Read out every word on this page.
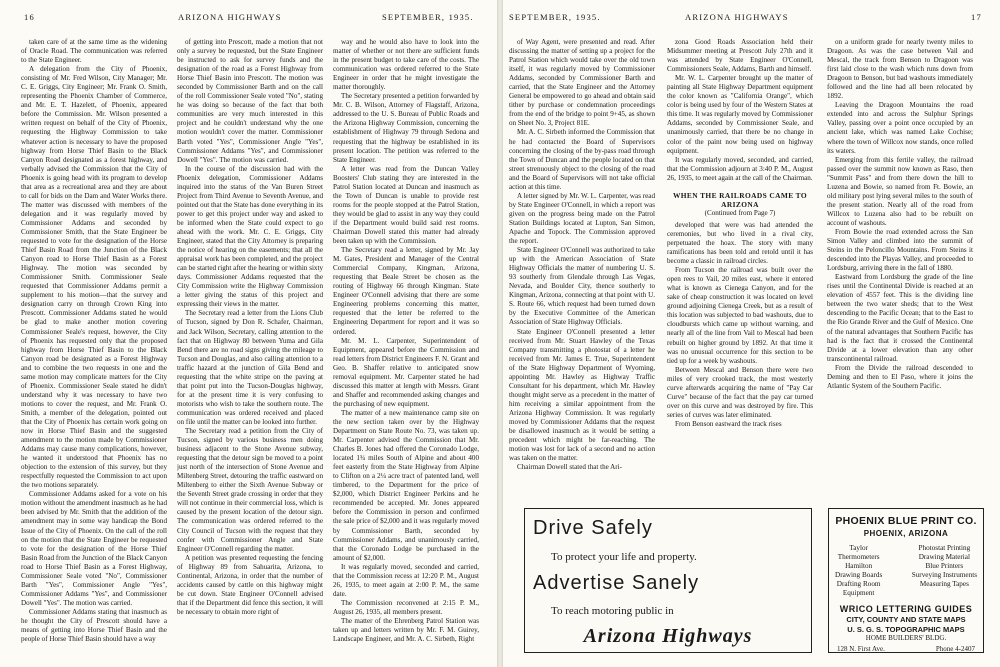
16	ARIZONA HIGHWAYS	SEPTEMBER, 1935.

taken care of at the same time as the widening of Oracle Road. The communication was referred to the State Engineer.

A delegation from the City of Phoenix, consisting of Mr. Fred Wilson, City Manager; Mr. C. E. Griggs, City Engineer; Mr. Frank O. Smith, representing the Phoenix Chamber of Commerce, and Mr. E. T. Hazelett, of Phoenix, appeared before the Commission. Mr. Wilson presented a written request on behalf of the City of Phoenix, requesting the Highway Commission to take whatever action is necessary to have the proposed highway from Horse Thief Basin to the Black Canyon Road designated as a forest highway, and verbally advised the Commission that the City of Phoenix is going head with its program to develop that area as a recreational area and they are about to call for bids on the Dam and Water Works there. The matter was discussed with members of the delegation and it was regularly moved by Commissioner Addams and seconded by Commissioner Smith, that the State Engineer be requested to vote for the designation of the Horse Thief Basin Road from the Junction of the Black Canyon road to Horse Thief Basin as a Forest Highway. The motion was seconded by Commissioner Smith. Commissioner Seale requested that Commissioner Addams permit a supplement to his motion—that the survey and designation carry on through Crown King into Prescott. Commissioner Addams stated he would be glad to make another motion covering Commissioner Seale's request, however, the City of Phoenix has requested only that the proposed highway from Horse Thief Basin to the Black Canyon road be designated as a Forest Highway and to combine the two requests in one and the same motion may complicate matters for the City of Phoenix. Commissioner Seale stated he didn't understand why it was necessary to have two motions to cover the request, and Mr. Frank O. Smith, a member of the delegation, pointed out that the City of Phoenix has certain work going on now in Horse Thief Basin and the suggested amendment to the motion made by Commissioner Addams may cause many complications, however, he wanted it understood that Phoenix has no objection to the extension of this survey, but they respectfully requested the Commission to act upon the two motions separately.

Commissioner Addams asked for a vote on his motion without the amendment inasmuch as he had been advised by Mr. Smith that the addition of the amendment may in some way handicap the Bond Issue of the City of Phoenix. On the call of the roll on the motion that the State Engineer be requested to vote for the designation of the Horse Thief Basin Road from the Junction of the Black Canyon road to Horse Thief Basin as a Forest Highway, Commissioner Seale voted "No", Commissioner Barth "Yes", Commissioner Angle "Yes", Commissioner Addams "Yes", and Commissioner Dowell "Yes". The motion was carried.

Commissioner Addams stating that inasmuch as he thought the City of Prescott should have a means of getting into Horse Thief Basin and the people of Horse Thief Basin should have a way

of getting into Prescott, made a motion that not only a survey be requested, but the State Engineer be instructed to ask for survey funds and the designation of the road as a Forest Highway from Horse Thief Basin into Prescott. The motion was seconded by Commissioner Barth and on the call of the roll Commissioner Seale voted "No", stating he was doing so because of the fact that both communities are very much interested in this project and he couldn't understand why the one motion wouldn't cover the matter. Commissioner Barth voted "Yes", Commissioner Angle "Yes", Commissioner Addams "Yes", and Commissioner Dowell "Yes". The motion was carried.

In the course of the discussion had with the Phoenix delegation, Commissioner Addams inquired into the status of the Van Buren Street Project from Third Avenue to Seventh Avenue, and pointed out that the State has done everything in its power to get this project under way and asked to be informed when the State could expect to go ahead with the work. Mr. C. E. Griggs, City Engineer, stated that the City Attorney is preparing the notice of hearing on the easements; that all the appraisal work has been completed, and the project can be started right after the hearing or within sixty days. Commissioner Addams requested that the City Commission write the Highway Commission a letter giving the status of this project and expressing their views in the matter.

The Secretary read a letter from the Lions Club of Tucson, signed by Don R. Schafer, Chairman, and Jack Wilson, Secretary, calling attention to the fact that on Highway 80 between Yuma and Gila Bend there are no road signs giving the mileage to Tucson and Douglas, and also calling attention to a traffic hazard at the junction of Gila Bend and requesting that the white stripe on the paving at that point put into the Tucson-Douglas highway, for at the present time it is very confusing to motorists who wish to take the southern route. The communication was ordered received and placed on file until the matter can be looked into further.

The Secretary read a petition from the City of Tucson, signed by various business men doing business adjacent to the Stone Avenue subway, requesting that the detour sign be moved to a point just north of the intersection of Stone Avenue and Miltenberg Street, detouring the traffic eastward on Miltenberg to either the Sixth Avenue Subway or the Seventh Street grade crossing in order that they will not continue in their commercial loss, which is caused by the present location of the detour sign. The communication was ordered referred to the City Council of Tucson with the request that they confer with Commissioner Angle and State Engineer O'Connell regarding the matter.

A petition was presented requesting the fencing of Highway 89 from Sahuarita, Arizona, to Continental, Arizona, in order that the number of accidents caused by cattle on this highway might be cut down. State Engineer O'Connell advised that if the Department did fence this section, it will be necessary to obtain more right of

way and he would also have to look into the matter of whether or not there are sufficient funds in the present budget to take care of the costs. The communication was ordered referred to the State Engineer in order that he might investigate the matter thoroughly.

The Secretary presented a petition forwarded by Mr. C. B. Wilson, Attorney of Flagstaff, Arizona, addressed to the U. S. Bureau of Public Roads and the Arizona Highway Commission, concerning the establishment of Highway 79 through Sedona and requesting that the highway be established in its present location. The petition was referred to the State Engineer.

A letter was read from the Duncan Valley Boosters' Club stating they are interested in the Patrol Station located at Duncan and inasmuch as the Town of Duncan is unable to provide rest rooms for the people stopped at the Patrol Station, they would be glad to assist in any way they could if the Department would build said rest rooms. Chairman Dowell stated this matter had already been taken up with the Commission.

The Secretary read a letter, signed by Mr. Jay M. Gates, President and Manager of the Central Commercial Company, Kingman, Arizona, requesting that Beale Street be chosen as the routing of Highway 66 through Kingman. State Engineer O'Connell advising that there are some Engineering problems concerning this matter, requested that the letter be referred to the Engineering Department for report and it was so ordered.

Mr. M. L. Carpenter, Superintendent of Equipment, appeared before the Commission and read letters from District Engineers F. N. Grant and Geo. B. Shaffer relative to anticipated snow removal equipment. Mr. Carpenter stated he had discussed this matter at length with Messrs. Grant and Shaffer and recommended asking changes and the purchasing of new equipment.

The matter of a new maintenance camp site on the new section taken over by the Highway Department on State Route No. 73, was taken up. Mr. Carpenter advised the Commission that Mr. Charles B. Jones had offered the Coronado Lodge, located 1¾ miles South of Alpine and about 400 feet easterly from the State Highway from Alpine to Clifton on a 2¼ acre tract of patented land, well timbered, to the Department for the price of $2,000, which District Engineer Perkins and he recommended be accepted. Mr. Jones appeared before the Commission in person and confirmed the sale price of $2,000 and it was regularly moved by Commissioner Barth, seconded by Commissioner Addams, and unanimously carried, that the Coronado Lodge be purchased in the amount of $2,000.

It was regularly moved, seconded and carried, that the Commission recess at 12:20 P. M., August 26, 1935, to meet again at 2:00 P. M., the same date.

The Commission reconvened at 2:15 P. M., August 26, 1935, all members present.

The matter of the Ehrenberg Patrol Station was taken up and letters written by Mr. F. M. Guirey, Landscape Engineer, and Mr. A. C. Sirbeth, Right

SEPTEMBER, 1935.	ARIZONA HIGHWAYS	17

of Way Agent, were presented and read. After discussing the matter of setting up a project for the Patrol Station which would take over the old town itself, it was regularly moved by Commissioner Addams, seconded by Commissioner Barth and carried, that the State Engineer and the Attorney General be empowered to go ahead and obtain said tither by purchase or condemnation proceedings from the end of the bridge to point 9+45, as shown on Sheet No. 3, Project 81E.

Mr. A. C. Sirbeth informed the Commission that he had contacted the Board of Supervisors concerning the closing of the by-pass road through the Town of Duncan and the people located on that street strenuously object to the closing of the road and the Board of Supervisors will not take official action at this time.

A letter signed by Mr. W. L. Carpenter, was read by State Engineer O'Connell, in which a report was given on the progress being made on the Patrol Station Buildings located at Lupton, San Simon, Apache and Topock. The Commission approved the report.

State Engineer O'Connell was authorized to take up with the American Association of State Highway Officials the matter of numbering U. S. 93 southerly from Glendale through Las Vegas, Nevada, and Boulder City, thence southerly to Kingman, Arizona, connecting at that point with U. S. Route 66, which request had been turned down by the Executive Committee of the American Association of State Highway Officials.

State Engineer O'Connell presented a letter received from Mr. Stuart Hawley of the Texas Company transmitting a photostat of a letter he received from Mr. James E. True, Superintendent of the State Highway Department of Wyoming, appointing Mr. Hawley as Highway Traffic Consultant for his department, which Mr. Hawley thought might serve as a precedent in the matter of him receiving a similar appointment from the Arizona Highway Commission. It was regularly moved by Commissioner Addams that the request be disallowed inasmuch as it would be setting a precedent which might be far-reaching. The motion was lost for lack of a second and no action was taken on the matter.

Chairman Dowell stated that the Ari-

zona Good Roads Association held their Midsummer meeting at Prescott July 27th and it was attended by State Engineer O'Connell, Commissioners Seale, Addams, Barth and himself.

Mr. W. L. Carpenter brought up the matter of painting all State Highway Department equipment the color known as "California Orange", which color is being used by four of the Western States at this time. It was regularly moved by Commissioner Addams, seconded by Commissioner Seale, and unanimously carried, that there be no change in color of the paint now being used on highway equipment.

It was regularly moved, seconded, and carried, that the Commission adjourn at 3:40 P. M., August 26, 1935, to meet again at the call of the Chairman.

WHEN THE RAILROADS CAME TO ARIZONA

(Continued from Page 7)

developed that were was had attended the ceremonies, but who lived in a rival city, perpetuated the hoax. The story with many ramifications has been told and retold until it has become a classic in railroad circles.

From Tucson the railroad was built over the open rees to Vail, 20 miles east, where it entered what is known as Cienega Canyon, and for the sake of cheap construction it was located on level ground adjoining Cienega Creek, but as a result of this location was subjected to bad washouts, due to cloudbursts which came up without warning, and nearly all of the line from Vail to Mescal had been rebuilt on higher ground by 1892. At that time it was no unusual occurrence for this section to be tied up for a week by washouts.

Between Mescal and Benson there were two miles of very crooked track, the most westerly curve afterwards acquiring the name of "Pay Car Curve" because of the fact that the pay car turned over on this curve and was destroyed by fire. This series of curves was later eliminated.

From Benson eastward the track rises

on a uniform grade for nearly twenty miles to Dragoon. As was the case between Vail and Mescal, the track from Benson to Dragoon was first laid close to the wash which runs down from Dragoon to Benson, but bad washouts immediately followed and the line had all been relocated by 1892.

Leaving the Dragoon Mountains the road extended into and across the Sulphur Springs Valley, passing over a point once occupied by an ancient lake, which was named Lake Cochise; where the town of Willcox now stands, once rolled its waters.

Emerging from this fertile valley, the railroad passed over the summit now known as Raso, then "Summit Pass" and from there down the hill to Luzena and Bowie, so named from Ft. Bowie, an old military post lying several miles to the south of the present station. Nearly all of the road from Willcox to Luzena also had to be rebuilt on account of washouts.

From Bowie the road extended across the San Simon Valley and climbed into the summit of Steins in the Peloncillo Mountains. From Steins it descended into the Playas Valley, and proceeded to Lordsburg, arriving there in the fall of 1880.

Eastward from Lordsburg the grade of the line rises until the Continental Divide is reached at an elevation of 4557 feet. This is the dividing line between the two water sheds; that to the West descending to the Pacific Ocean; that to the East to the Rio Grande River and the Gulf of Mexico. One of the natural advantages that Southern Pacific has had is the fact that it crossed the Continental Divide at a lower elevation than any other transcontinental railroad.

From the Divide the railroad descended to Deming and then to El Paso, where it joins the Atlantic System of the Southern Pacific.

Drive Safely
To protect your life and property.
Advertise Sanely
To reach motoring public in
Arizona Highways
PHOENIX BLUE PRINT CO.
PHOENIX, ARIZONA
Taylor
Thermometers
Hamilton
Drawing Boards
Drafting Room
Equipment
Photostat Printing
Drawing Material
Blue Printers
Surveying Instruments
Measuring Tapes
WRICO LETTERING GUIDES
CITY, COUNTY AND STATE MAPS
U. S. G. S. TOPOGRAPHIC MAPS
HOME BUILDERS' BLDG.
128 N. First Ave.	Phone 4-2407
